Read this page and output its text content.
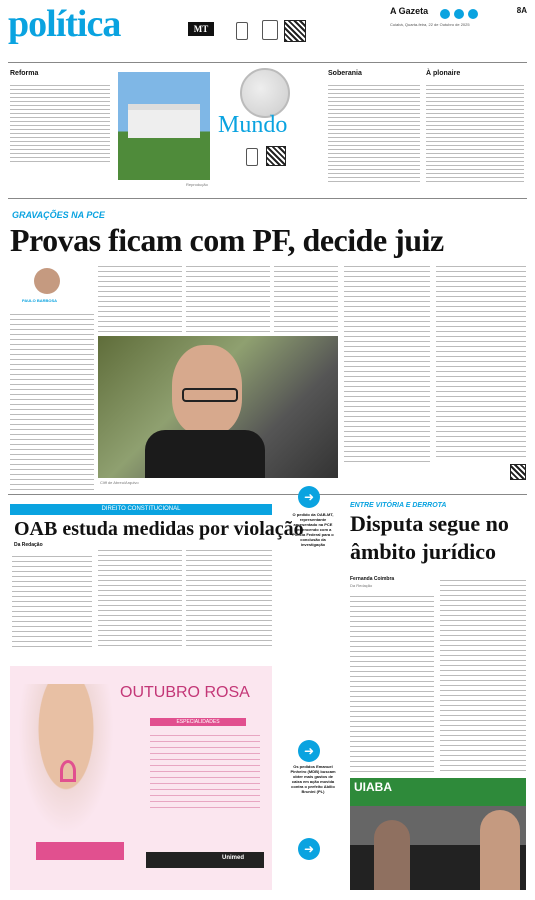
política	MT
A Gazeta
	8A
Cuiabá, Quarta-feira, 22 de Outubro de 2025
Reforma
Reprodução
Mundo
Soberania	À plonaire
GRAVAÇÕES NA PCE
Provas ficam com PF, decide juiz
PAULO BARBOSA
Cliff de Abreu/Arquivo
DIREITO CONSTITUCIONAL
OAB estuda medidas por violação
Da Redação
➜
O pedido da OAB-MT, representante apresentado na PCE pertencendo com a Polícia Federal para o conclusão da investigação
➜
Os pedidos Emanuel Pinheiro (MDB) buscam obter mais gastos de caixa em ação movida contra o prefeito Abilio Brunini (PL)
➜
ENTRE VITÓRIA E DERROTA
Disputa segue no âmbito jurídico
Fernanda Coimbra
Da Redação
OUTUBRO ROSA
ESPECIALIDADES
Unimed
UIABA
